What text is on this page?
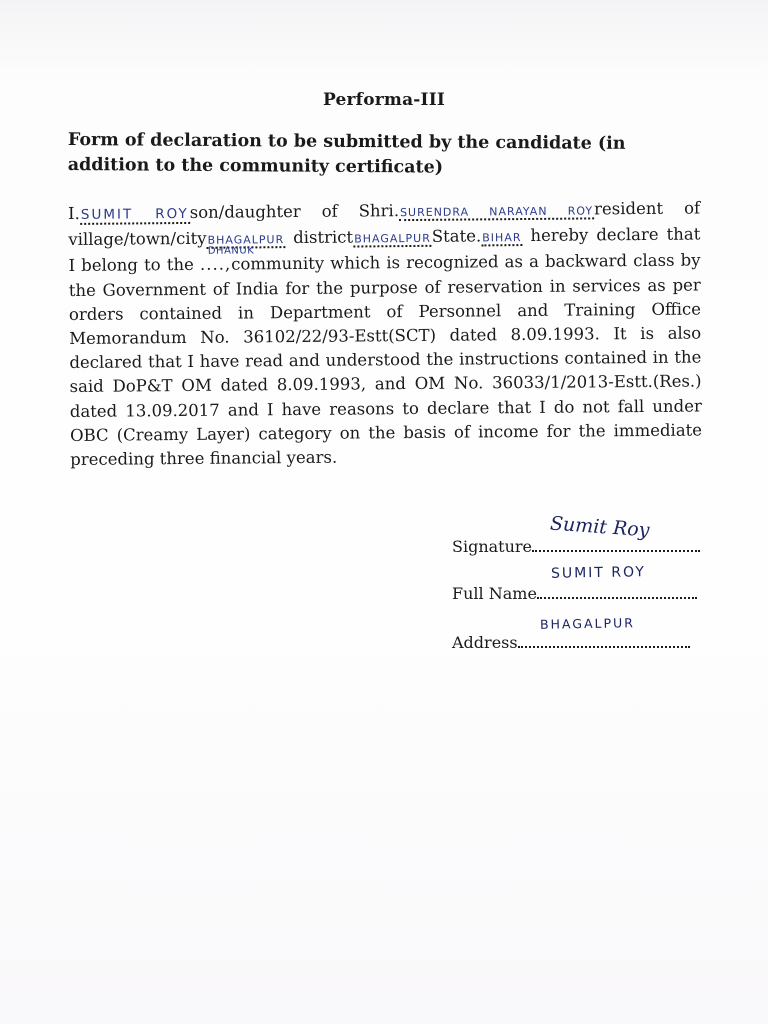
Performa-III
Form of declaration to be submitted by the candidate (in addition to the community certificate)
I.SUMIT ROYson/daughter of Shri.SURENDRA NARAYAN ROYresident of village/town/cityBHAGALPUR districtBHAGALPURState.BIHAR hereby declare that I belong to the
DHANUK
....,community which is recognized as a backward class by the Government of India for the purpose of reservation in services as per orders contained in Department of Personnel and Training Office Memorandum No. 36102/22/93-Estt(SCT) dated 8.09.1993. It is also declared that I have read and understood the instructions contained in the said DoP&T OM dated 8.09.1993, and OM No. 36033/1/2013-Estt.(Res.) dated 13.09.2017 and I have reasons to declare that I do not fall under OBC (Creamy Layer) category on the basis of income for the immediate preceding three financial years.
Signature
Sumit Roy
Full Name
SUMIT ROY
Address
BHAGALPUR
